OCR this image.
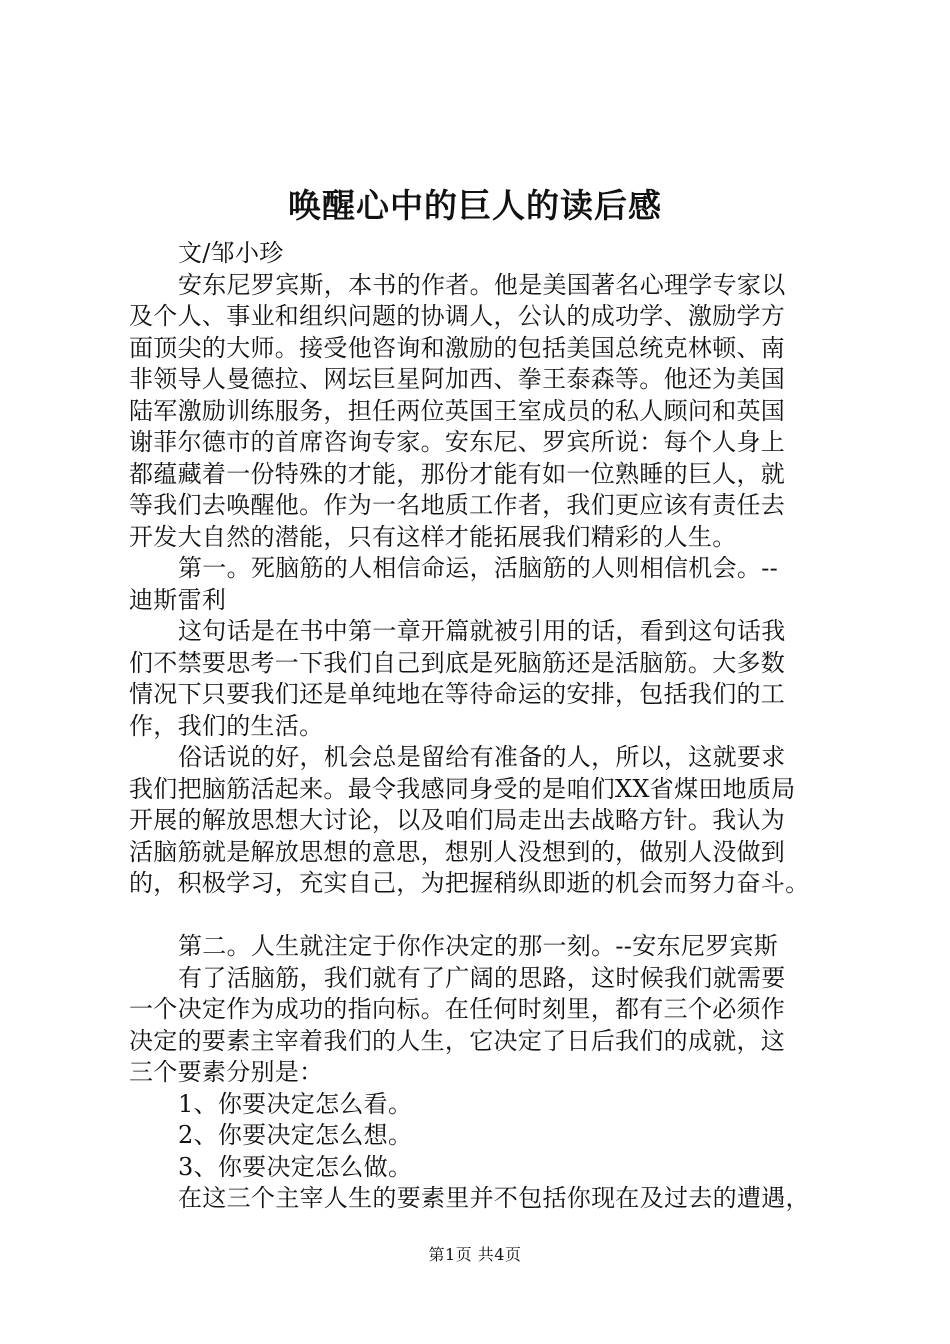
唤醒心中的巨人的读后感
文/邹小珍
安东尼罗宾斯，本书的作者。他是美国著名心理学专家以
及个人、事业和组织问题的协调人，公认的成功学、激励学方
面顶尖的大师。接受他咨询和激励的包括美国总统克林顿、南
非领导人曼德拉、网坛巨星阿加西、拳王泰森等。他还为美国
陆军激励训练服务，担任两位英国王室成员的私人顾问和英国
谢菲尔德市的首席咨询专家。安东尼、罗宾所说：每个人身上
都蕴藏着一份特殊的才能，那份才能有如一位熟睡的巨人，就
等我们去唤醒他。作为一名地质工作者，我们更应该有责任去
开发大自然的潜能，只有这样才能拓展我们精彩的人生。
第一。死脑筋的人相信命运，活脑筋的人则相信机会。--
迪斯雷利
这句话是在书中第一章开篇就被引用的话，看到这句话我
们不禁要思考一下我们自己到底是死脑筋还是活脑筋。大多数
情况下只要我们还是单纯地在等待命运的安排，包括我们的工
作，我们的生活。
俗话说的好，机会总是留给有准备的人，所以，这就要求
我们把脑筋活起来。最令我感同身受的是咱们XX省煤田地质局
开展的解放思想大讨论，以及咱们局走出去战略方针。我认为
活脑筋就是解放思想的意思，想别人没想到的，做别人没做到
的，积极学习，充实自己，为把握稍纵即逝的机会而努力奋斗。
第二。人生就注定于你作决定的那一刻。--安东尼罗宾斯
有了活脑筋，我们就有了广阔的思路，这时候我们就需要
一个决定作为成功的指向标。在任何时刻里，都有三个必须作
决定的要素主宰着我们的人生，它决定了日后我们的成就，这
三个要素分别是：
1、你要决定怎么看。
2、你要决定怎么想。
3、你要决定怎么做。
在这三个主宰人生的要素里并不包括你现在及过去的遭遇，
第1页 共4页
